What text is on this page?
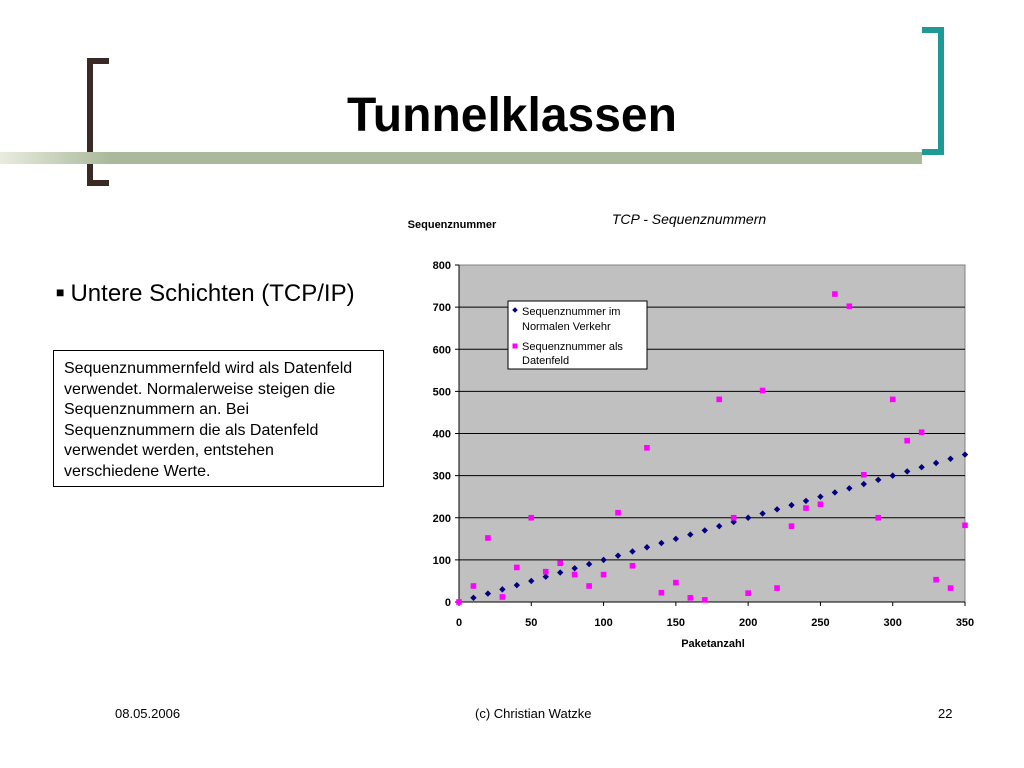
Tunnelklassen
■ Untere Schichten (TCP/IP)
Sequenznummernfeld wird als Datenfeld verwendet. Normalerweise steigen die Sequenznummern an. Bei Sequenznummern die als Datenfeld verwendet werden, entstehen verschiedene Werte.
0
100
200
300
400
500
600
700
800
0	50	100	150	200	250	300	350
TCP - Sequenznummern
Sequenznummer
Paketanzahl
Sequenznummer im
Normalen Verkehr
Sequenznummer als
Datenfeld
08.05.2006	(c) Christian Watzke	22
